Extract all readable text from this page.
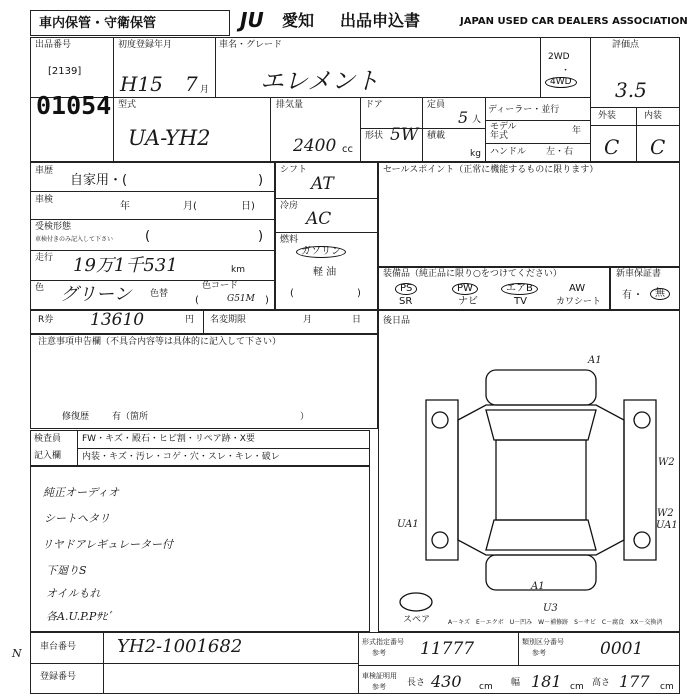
車内保管・守衛保管	JU 愛知 出品申込書	JAPAN USED CAR DEALERS ASSOCIATION
出品番号
[2139]
01054
初度登録年月
H15 7 月
車名・グレード
エレメント
2WD
・
4WD
評価点
3.5
型式
UA-YH2
排気量
2400 cc
ドア
形状 5W
定員
5 人
積載
kg
ディーラー・並行
モデル
年式	年
ハンドル 左・右
外装	内装
C C
車歴
自家用・(	)
車検
年	月(	日)
受検形態
車検付きのみ記入して下さい (	)
走行 19万1千531	km
色 グリーン 色替
色コード
G51M
(	)
シフト
AT
冷房
AC
燃料
ガソリン
軽 油
(	)
セールスポイント（正常に機能するものに限ります）
装備品（純正品に限り○をつけてください）
PS	PW	エアB	AW
SR	ナビ	TV	カワシート
新車保証書
有 ・	無
R券 13610	円 名変期限	月	日
注意事項申告欄（不具合内容等は具体的に記入して下さい）
修復歴	有（箇所	）
検査員
記入欄
FW・キズ・殿石・ヒビ割・リペア跡・X要
内装・キズ・汚レ・コゲ・穴・スレ・キレ・破レ
純正オーディオ
シートへタリ
リヤドアレギュレーター付
下廻りS
オイルもれ
各A.U.P.Pｻﾋﾞ
後日品
A1
W2
W2
UA1	UA1
A1
U3
スペア	A－キズ　E－エクボ　U－凹み　W－補修跡　S－サビ　C－腐食　XX－交換済
車台番号 YH2-1001682
登録番号
形式指定番号
参考 11777	類別区分番号
参考	0001
車検証明用
参考 長さ 430 cm 幅 181 cm 高さ 177 cm
N
